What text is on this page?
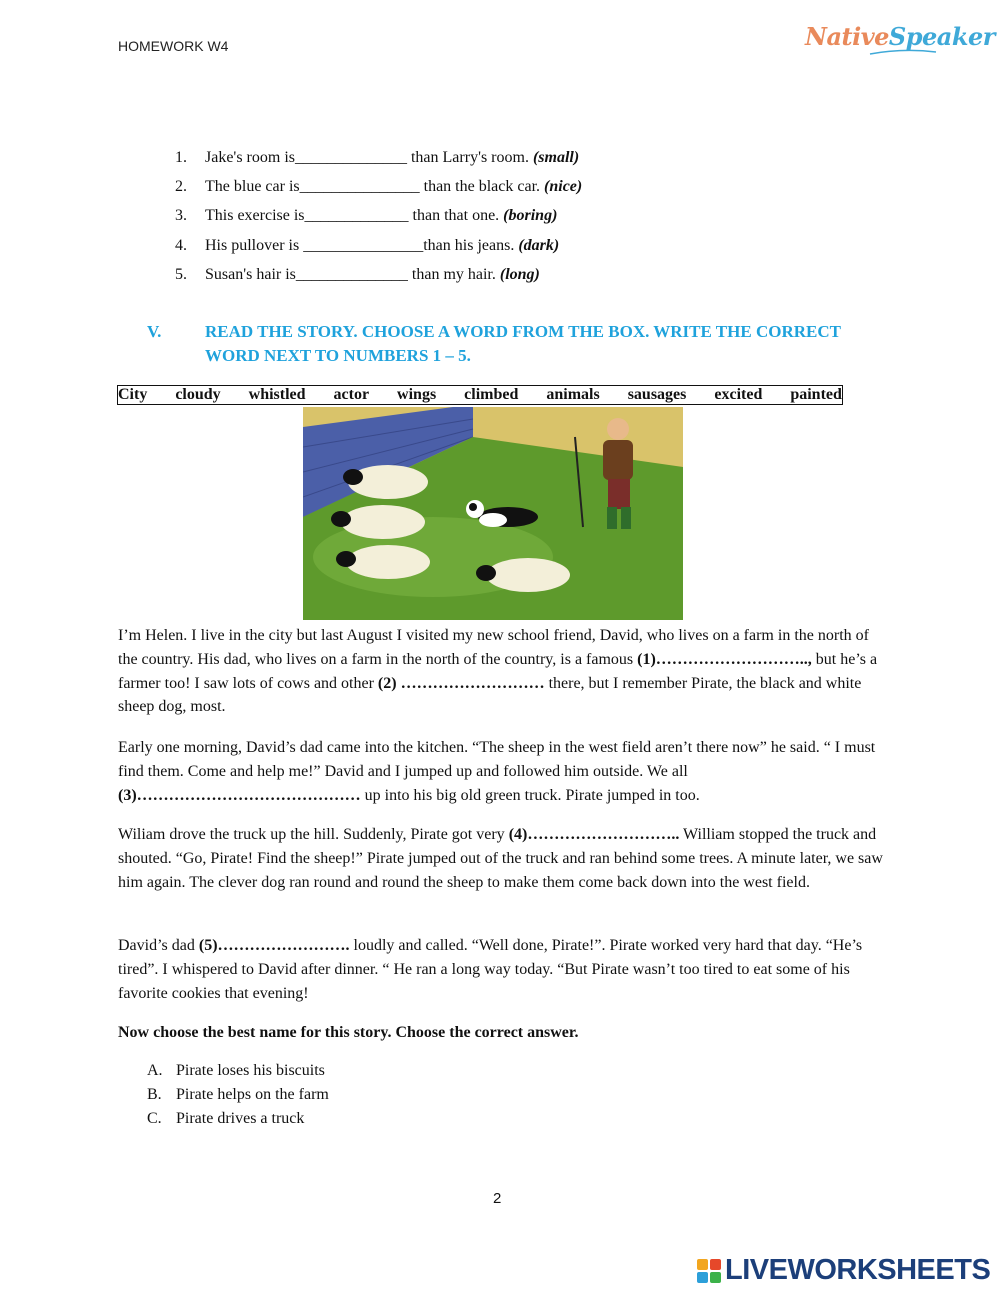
HOMEWORK W4	NativeSpeaker
1.	Jake's room is ______________ than Larry's room. (small)
2.	The blue car is _______________ than the black car. (nice)
3.	This exercise is _____________ than that one. (boring)
4.	His pullover is _______________ than his jeans. (dark)
5.	Susan's hair is ______________ than my hair. (long)
V.	READ THE STORY. CHOOSE A WORD FROM THE BOX. WRITE THE CORRECT WORD NEXT TO NUMBERS 1 – 5.
City cloudy whistled actor wings climbed animals sausages excited painted

I’m Helen. I live in the city but last August I visited my new school friend, David, who lives on a farm in the north of the country. His dad, who lives on a farm in the north of the country, is a famous (1)……………………….., but he’s a farmer too! I saw lots of cows and other (2) ……………………… there, but I remember Pirate, the black and white sheep dog, most.

Early one morning, David’s dad came into the kitchen. “The sheep in the west field aren’t there now” he said. “ I must find them. Come and help me!” David and I jumped up and followed him outside. We all (3)…………………………………… up into his big old green truck. Pirate jumped in too.

Wiliam drove the truck up the hill. Suddenly, Pirate got very (4)……………………….. William stopped the truck and shouted. “Go, Pirate! Find the sheep!” Pirate jumped out of the truck and ran behind some trees. A minute later, we saw him again. The clever dog ran round and round the sheep to make them come back down into the west field.

David’s dad (5)……………………. loudly and called. “Well done, Pirate!”. Pirate worked very hard that day. “He’s tired”. I whispered to David after dinner. “ He ran a long way today. “But Pirate wasn’t too tired to eat some of his favorite cookies that evening!

Now choose the best name for this story. Choose the correct answer.
A. Pirate loses his biscuits
B. Pirate helps on the farm
C. Pirate drives a truck
2
LIVEWORKSHEETS
